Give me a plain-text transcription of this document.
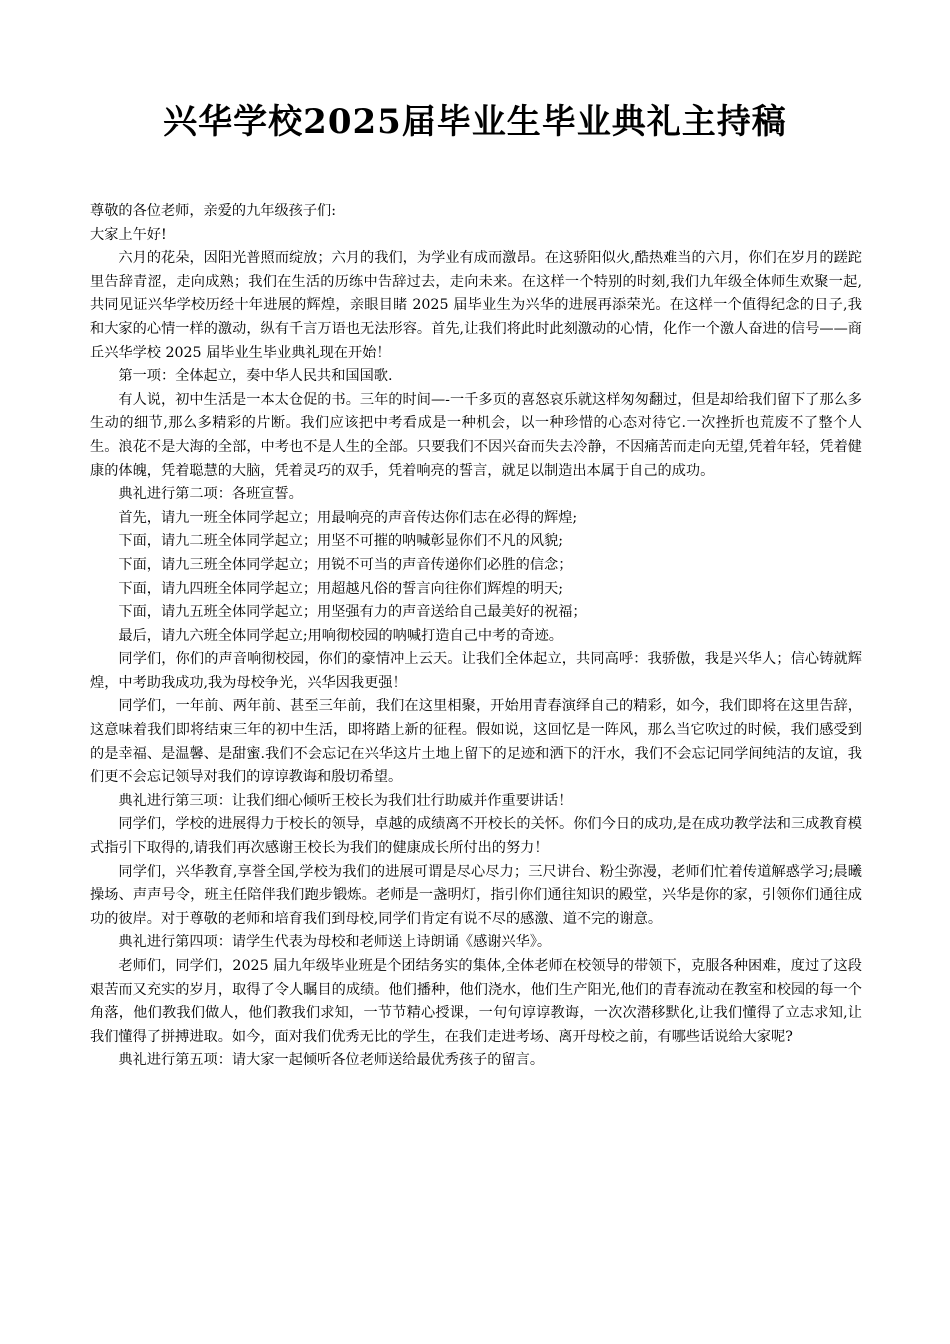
兴华学校2025届毕业生毕业典礼主持稿

尊敬的各位老师，亲爱的九年级孩子们:

大家上午好!

六月的花朵，因阳光普照而绽放；六月的我们，为学业有成而激昂。在这骄阳似火,酷热难当的六月，你们在岁月的蹉跎里告辞青涩，走向成熟；我们在生活的历练中告辞过去，走向未来。在这样一个特别的时刻,我们九年级全体师生欢聚一起,共同见证兴华学校历经十年进展的辉煌，亲眼目睹 2025 届毕业生为兴华的进展再添荣光。在这样一个值得纪念的日子,我和大家的心情一样的激动，纵有千言万语也无法形容。首先,让我们将此时此刻激动的心情，化作一个激人奋进的信号——商丘兴华学校 2025 届毕业生毕业典礼现在开始！

第一项：全体起立，奏中华人民共和国国歌.

有人说，初中生活是一本太仓促的书。三年的时间—-一千多页的喜怒哀乐就这样匆匆翻过，但是却给我们留下了那么多生动的细节,那么多精彩的片断。我们应该把中考看成是一种机会，以一种珍惜的心态对待它.一次挫折也荒废不了整个人生。浪花不是大海的全部，中考也不是人生的全部。只要我们不因兴奋而失去冷静，不因痛苦而走向无望,凭着年轻，凭着健康的体魄，凭着聪慧的大脑，凭着灵巧的双手，凭着响亮的誓言，就足以制造出本属于自己的成功。

典礼进行第二项：各班宣誓。

首先，请九一班全体同学起立；用最响亮的声音传达你们志在必得的辉煌;

下面，请九二班全体同学起立；用坚不可摧的呐喊彰显你们不凡的风貌;

下面，请九三班全体同学起立；用锐不可当的声音传递你们必胜的信念；

下面，请九四班全体同学起立；用超越凡俗的誓言向往你们辉煌的明天;

下面，请九五班全体同学起立；用坚强有力的声音送给自己最美好的祝福；

最后，请九六班全体同学起立;用响彻校园的呐喊打造自己中考的奇迹。

同学们，你们的声音响彻校园，你们的豪情冲上云天。让我们全体起立，共同高呼：我骄傲，我是兴华人；信心铸就辉煌，中考助我成功,我为母校争光，兴华因我更强！

同学们，一年前、两年前、甚至三年前，我们在这里相聚，开始用青春演绎自己的精彩，如今，我们即将在这里告辞，这意味着我们即将结束三年的初中生活，即将踏上新的征程。假如说，这回忆是一阵风，那么当它吹过的时候，我们感受到的是幸福、是温馨、是甜蜜.我们不会忘记在兴华这片土地上留下的足迹和洒下的汗水，我们不会忘记同学间纯洁的友谊，我们更不会忘记领导对我们的谆谆教诲和殷切希望。

典礼进行第三项：让我们细心倾听王校长为我们壮行助威并作重要讲话！

同学们，学校的进展得力于校长的领导，卓越的成绩离不开校长的关怀。你们今日的成功,是在成功教学法和三成教育模式指引下取得的,请我们再次感谢王校长为我们的健康成长所付出的努力！

同学们，兴华教育,享誉全国,学校为我们的进展可谓是尽心尽力；三尺讲台、粉尘弥漫，老师们忙着传道解惑学习;晨曦操场、声声号令，班主任陪伴我们跑步锻炼。老师是一盏明灯，指引你们通往知识的殿堂，兴华是你的家，引领你们通往成功的彼岸。对于尊敬的老师和培育我们到母校,同学们肯定有说不尽的感激、道不完的谢意。

典礼进行第四项：请学生代表为母校和老师送上诗朗诵《感谢兴华》。

老师们，同学们，2025 届九年级毕业班是个团结务实的集体,全体老师在校领导的带领下，克服各种困难，度过了这段艰苦而又充实的岁月，取得了令人瞩目的成绩。他们播种，他们浇水，他们生产阳光,他们的青春流动在教室和校园的每一个角落，他们教我们做人，他们教我们求知，一节节精心授课，一句句谆谆教诲，一次次潜移默化,让我们懂得了立志求知,让我们懂得了拼搏进取。如今，面对我们优秀无比的学生，在我们走进考场、离开母校之前，有哪些话说给大家呢?

典礼进行第五项：请大家一起倾听各位老师送给最优秀孩子的留言。
